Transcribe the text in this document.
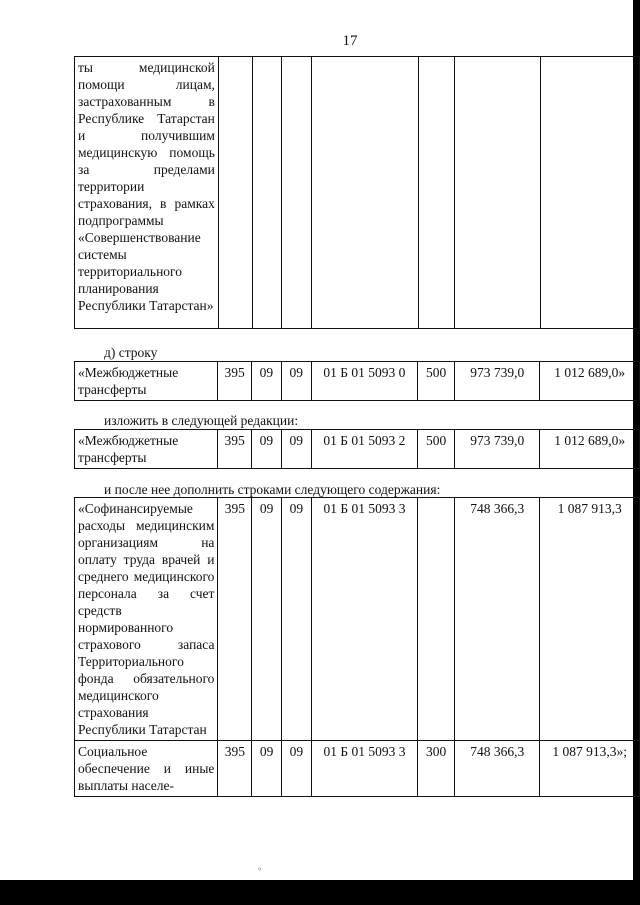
17
ты медицинской помощи лицам, застрахованным в Республике Татарстан и получившим медицинскую помощь за пределами территории страхования, в рамках подпрограммы «Совершенствование системы территориального планирования Республики Татарстан»							
д) строку
«Межбюджетные трансферты	395	09	09	01 Б 01 5093 0	500	973 739,0	1 012 689,0»
изложить в следующей редакции:
«Межбюджетные трансферты	395	09	09	01 Б 01 5093 2	500	973 739,0	1 012 689,0»
и после нее дополнить строками следующего содержания:
«Софинансируемые расходы медицинским организациям на оплату труда врачей и среднего медицинского персонала за счет средств нормированного страхового запаса Территориального фонда обязательного медицинского страхования Республики Татарстан	395	09	09	01 Б 01 5093 3		748 366,3	1 087 913,3
Социальное обеспечение и иные выплаты населе-	395	09	09	01 Б 01 5093 3	300	748 366,3	1 087 913,3»;
°
